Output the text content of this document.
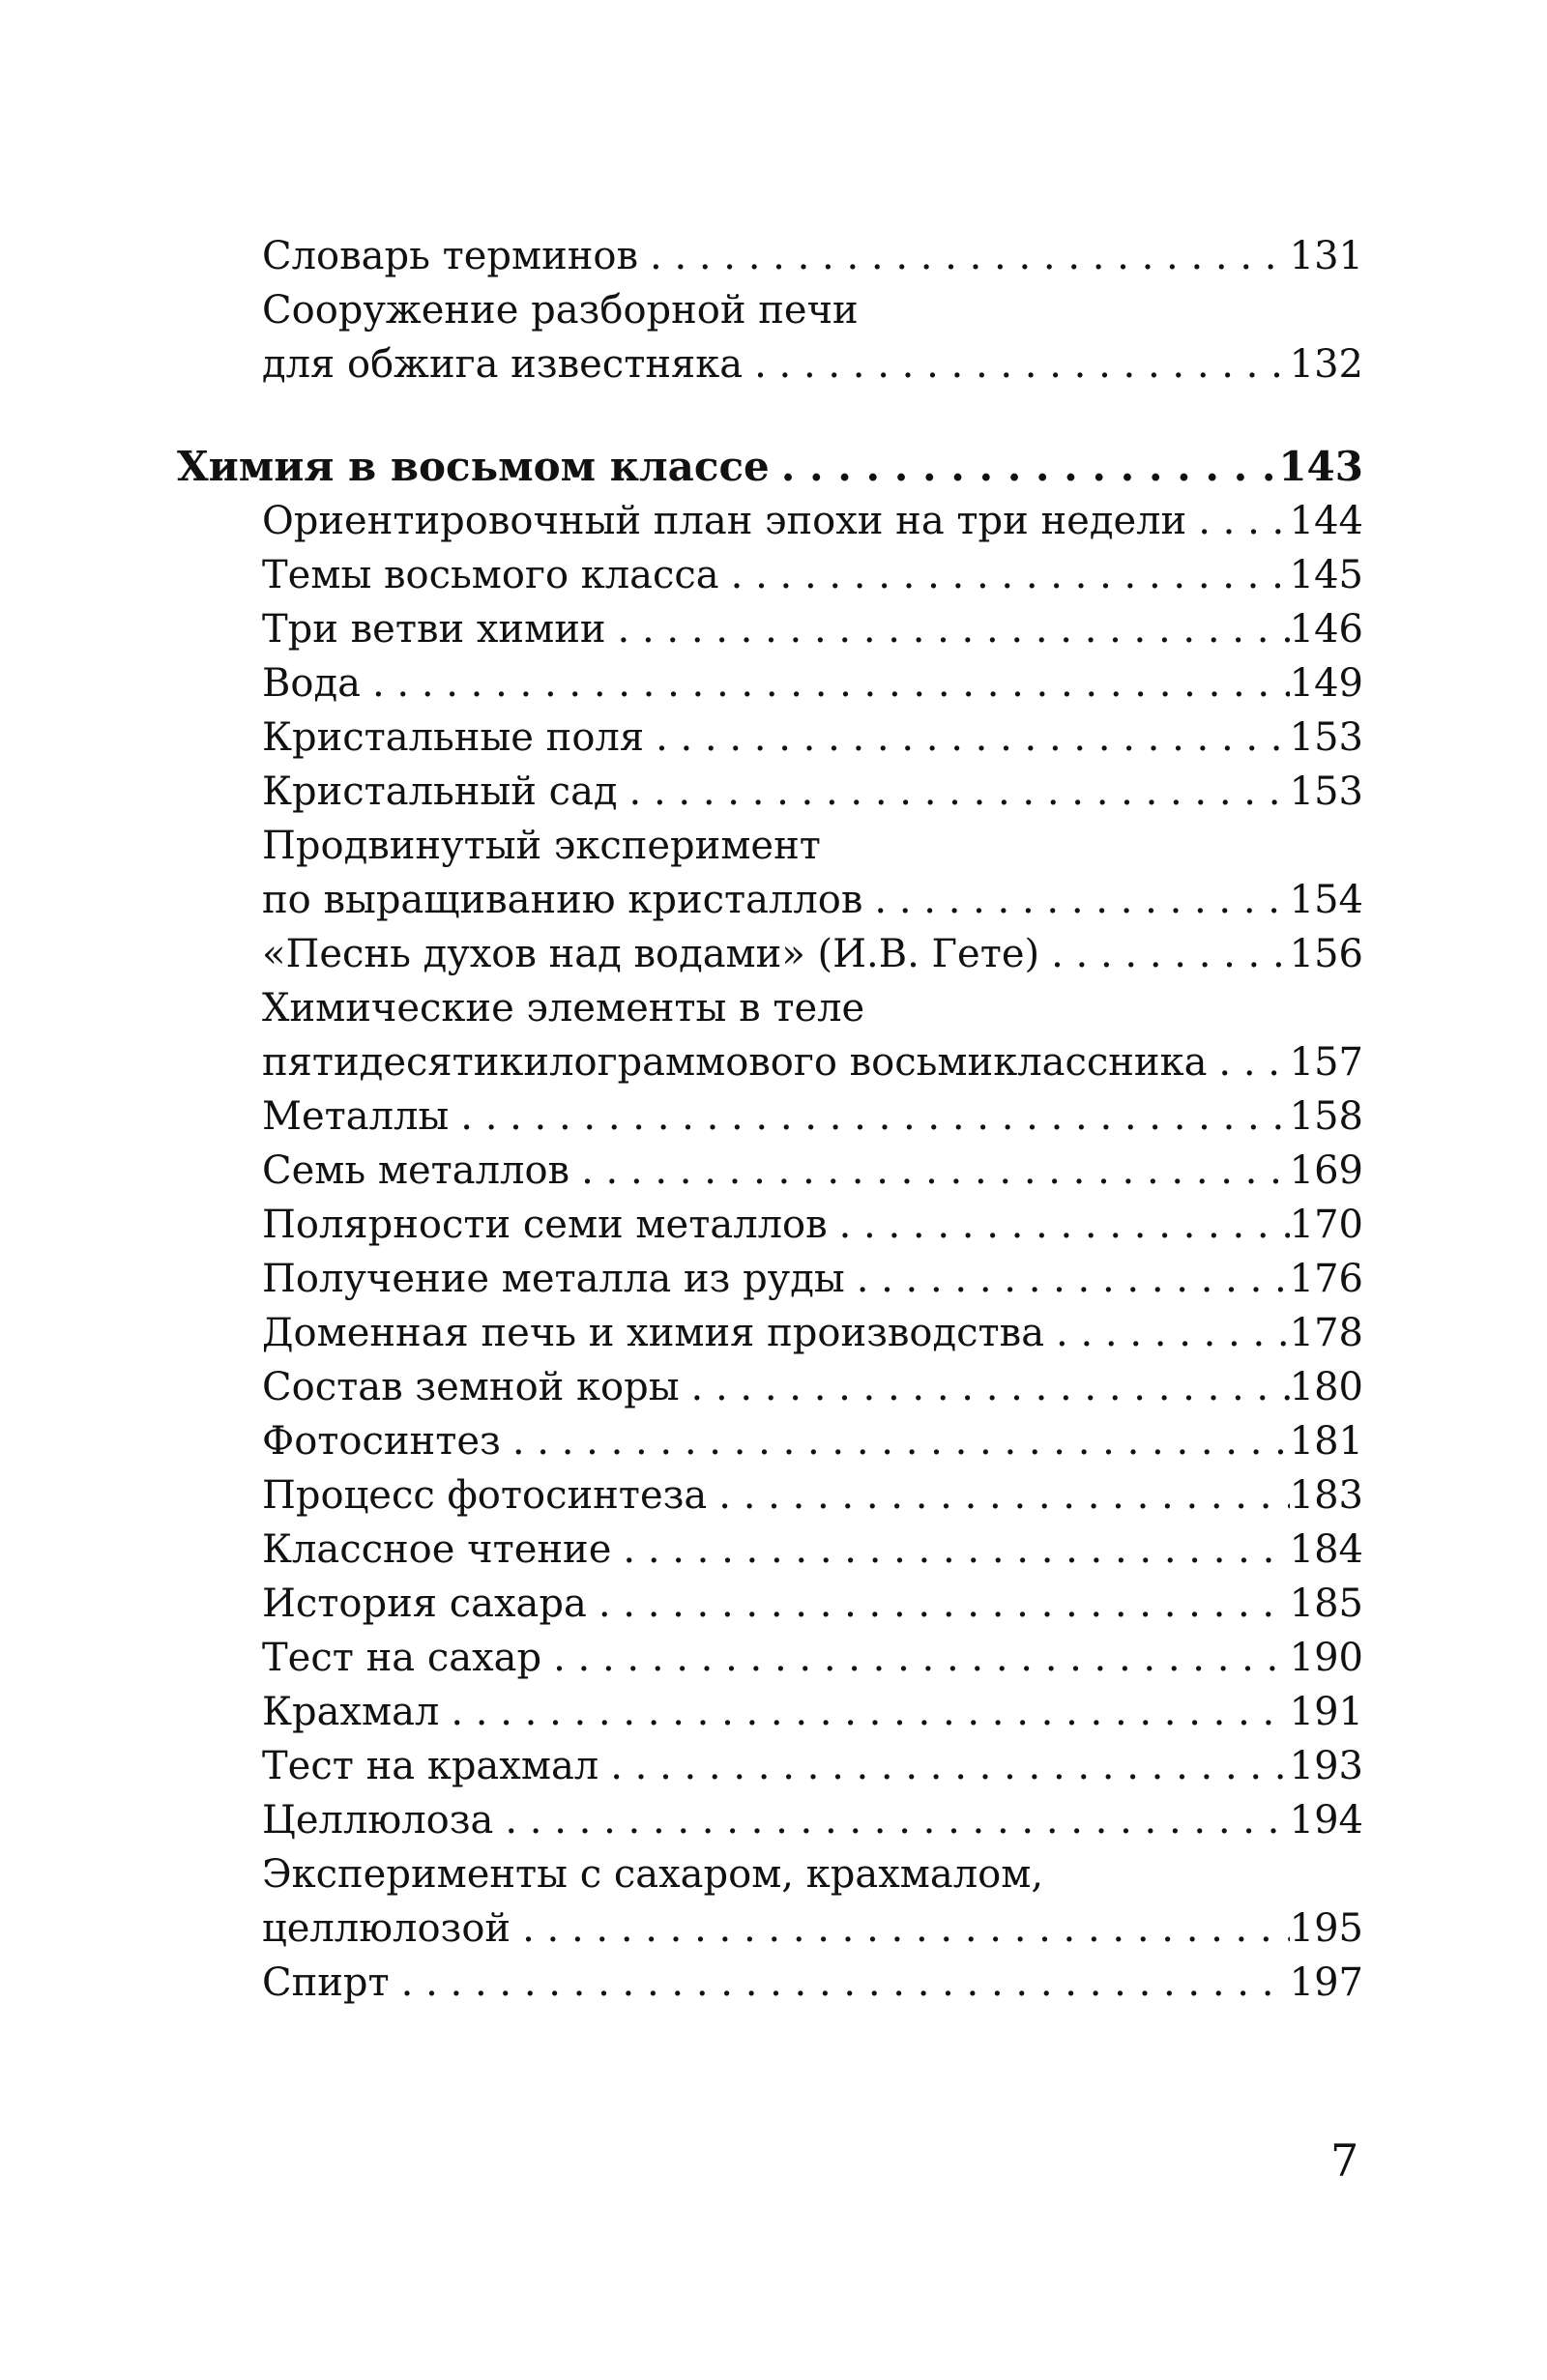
Словарь терминов . . .	131
Сооружение разборной печи
для обжига известняка . . .	132
Химия в восьмом классе . . .	143
Ориентировочный план эпохи на три недели . . .	144
Темы восьмого класса . . .	145
Три ветви химии . . .	146
Вода . . .	149
Кристальные поля . . .	153
Кристальный сад . . .	153
Продвинутый эксперимент
по выращиванию кристаллов . . .	154
«Песнь духов над водами» (И.В. Гете) . . .	156
Химические элементы в теле
пятидесятикилограммового восьмиклассника . . . 157
Металлы . . .	158
Семь металлов . . .	169
Полярности семи металлов . . .	170
Получение металла из руды . . .	176
Доменная печь и химия производства . . .	178
Состав земной коры . . .	180
Фотосинтез . . .	181
Процесс фотосинтеза . . .	183
Классное чтение . . .	184
История сахара . . .	185
Тест на сахар . . .	190
Крахмал . . .	191
Тест на крахмал . . .	193
Целлюлоза . . .	194
Эксперименты с сахаром, крахмалом,
целлюлозой . . .	195
Спирт . . .	197
7
